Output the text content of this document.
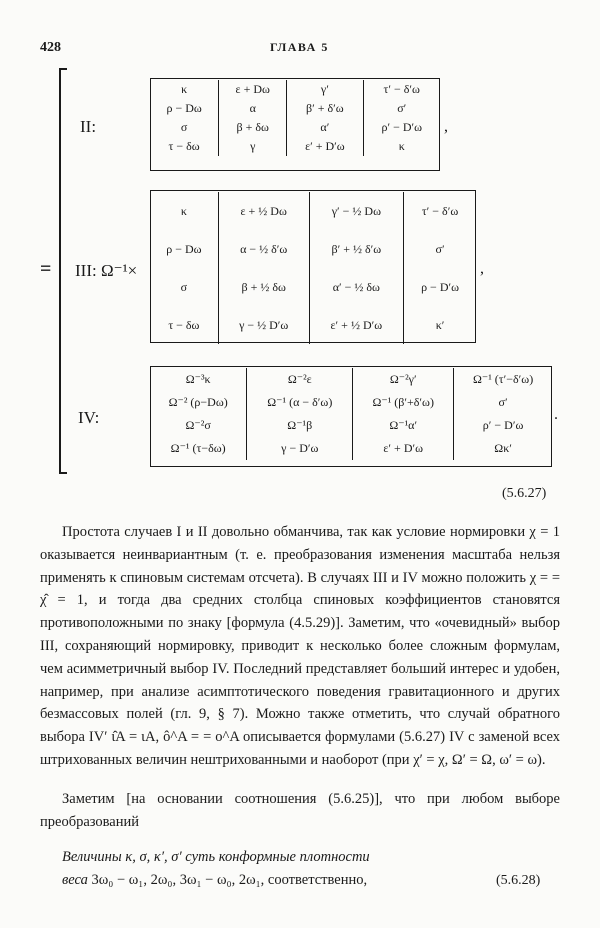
428	ГЛАВА 5
=
II:
κ	ε + Dω	γ′	τ′ − δ′ω
ρ − Dω	α	β′ + δ′ω	σ′
σ	β + δω	α′	ρ′ − D′ω
τ − δω	γ	ε′ + D′ω	κ
,
III: Ω⁻¹×
κ	ε + ½ Dω	γ′ − ½ Dω	τ′ − δ′ω
ρ − Dω	α − ½ δ′ω	β′ + ½ δ′ω	σ′
σ	β + ½ δω	α′ − ½ δω	ρ − D′ω
τ − δω	γ − ½ D′ω	ε′ + ½ D′ω	κ′
,
IV:
Ω⁻³κ	Ω⁻²ε	Ω⁻²γ′	Ω⁻¹ (τ′−δ′ω)
Ω⁻² (ρ−Dω)	Ω⁻¹ (α − δ′ω)	Ω⁻¹ (β′+δ′ω)	σ′
Ω⁻²σ	Ω⁻¹β	Ω⁻¹α′	ρ′ − D′ω
Ω⁻¹ (τ−δω)	γ − D′ω	ε′ + D′ω	Ωκ′
.
(5.6.27)

Простота случаев I и II довольно обманчива, так как условие нормировки χ = 1 оказывается неинвариантным (т. е. преобразования изменения масштаба нельзя применять к спиновым системам отсчета). В случаях III и IV можно положить χ = = χ̂ = 1, и тогда два средних столбца спиновых коэффициентов становятся противоположными по знаку [формула (4.5.29)]. Заметим, что «очевидный» выбор III, сохраняющий нормировку, приводит к несколько более сложным формулам, чем асимметричный выбор IV. Последний представляет больший интерес и удобен, например, при анализе асимптотического поведения гравитационного и других безмассовых полей (гл. 9, § 7). Можно также отметить, что случай обратного выбора IV′ ɩ̂A = ɩA, ô^A = = o^A описывается формулами (5.6.27) IV с заменой всех штрихованных величин нештрихованными и наоборот (при χ′ = χ, Ω′ = Ω, ω′ = ω).

Заметим [на основании соотношения (5.6.25)], что при любом выборе преобразований

Величины κ, σ, κ′, σ′ суть конформные плотности
веса 3ω₀ − ω₁, 2ω₀, 3ω₁ − ω₀, 2ω₁, соответственно,	(5.6.28)
